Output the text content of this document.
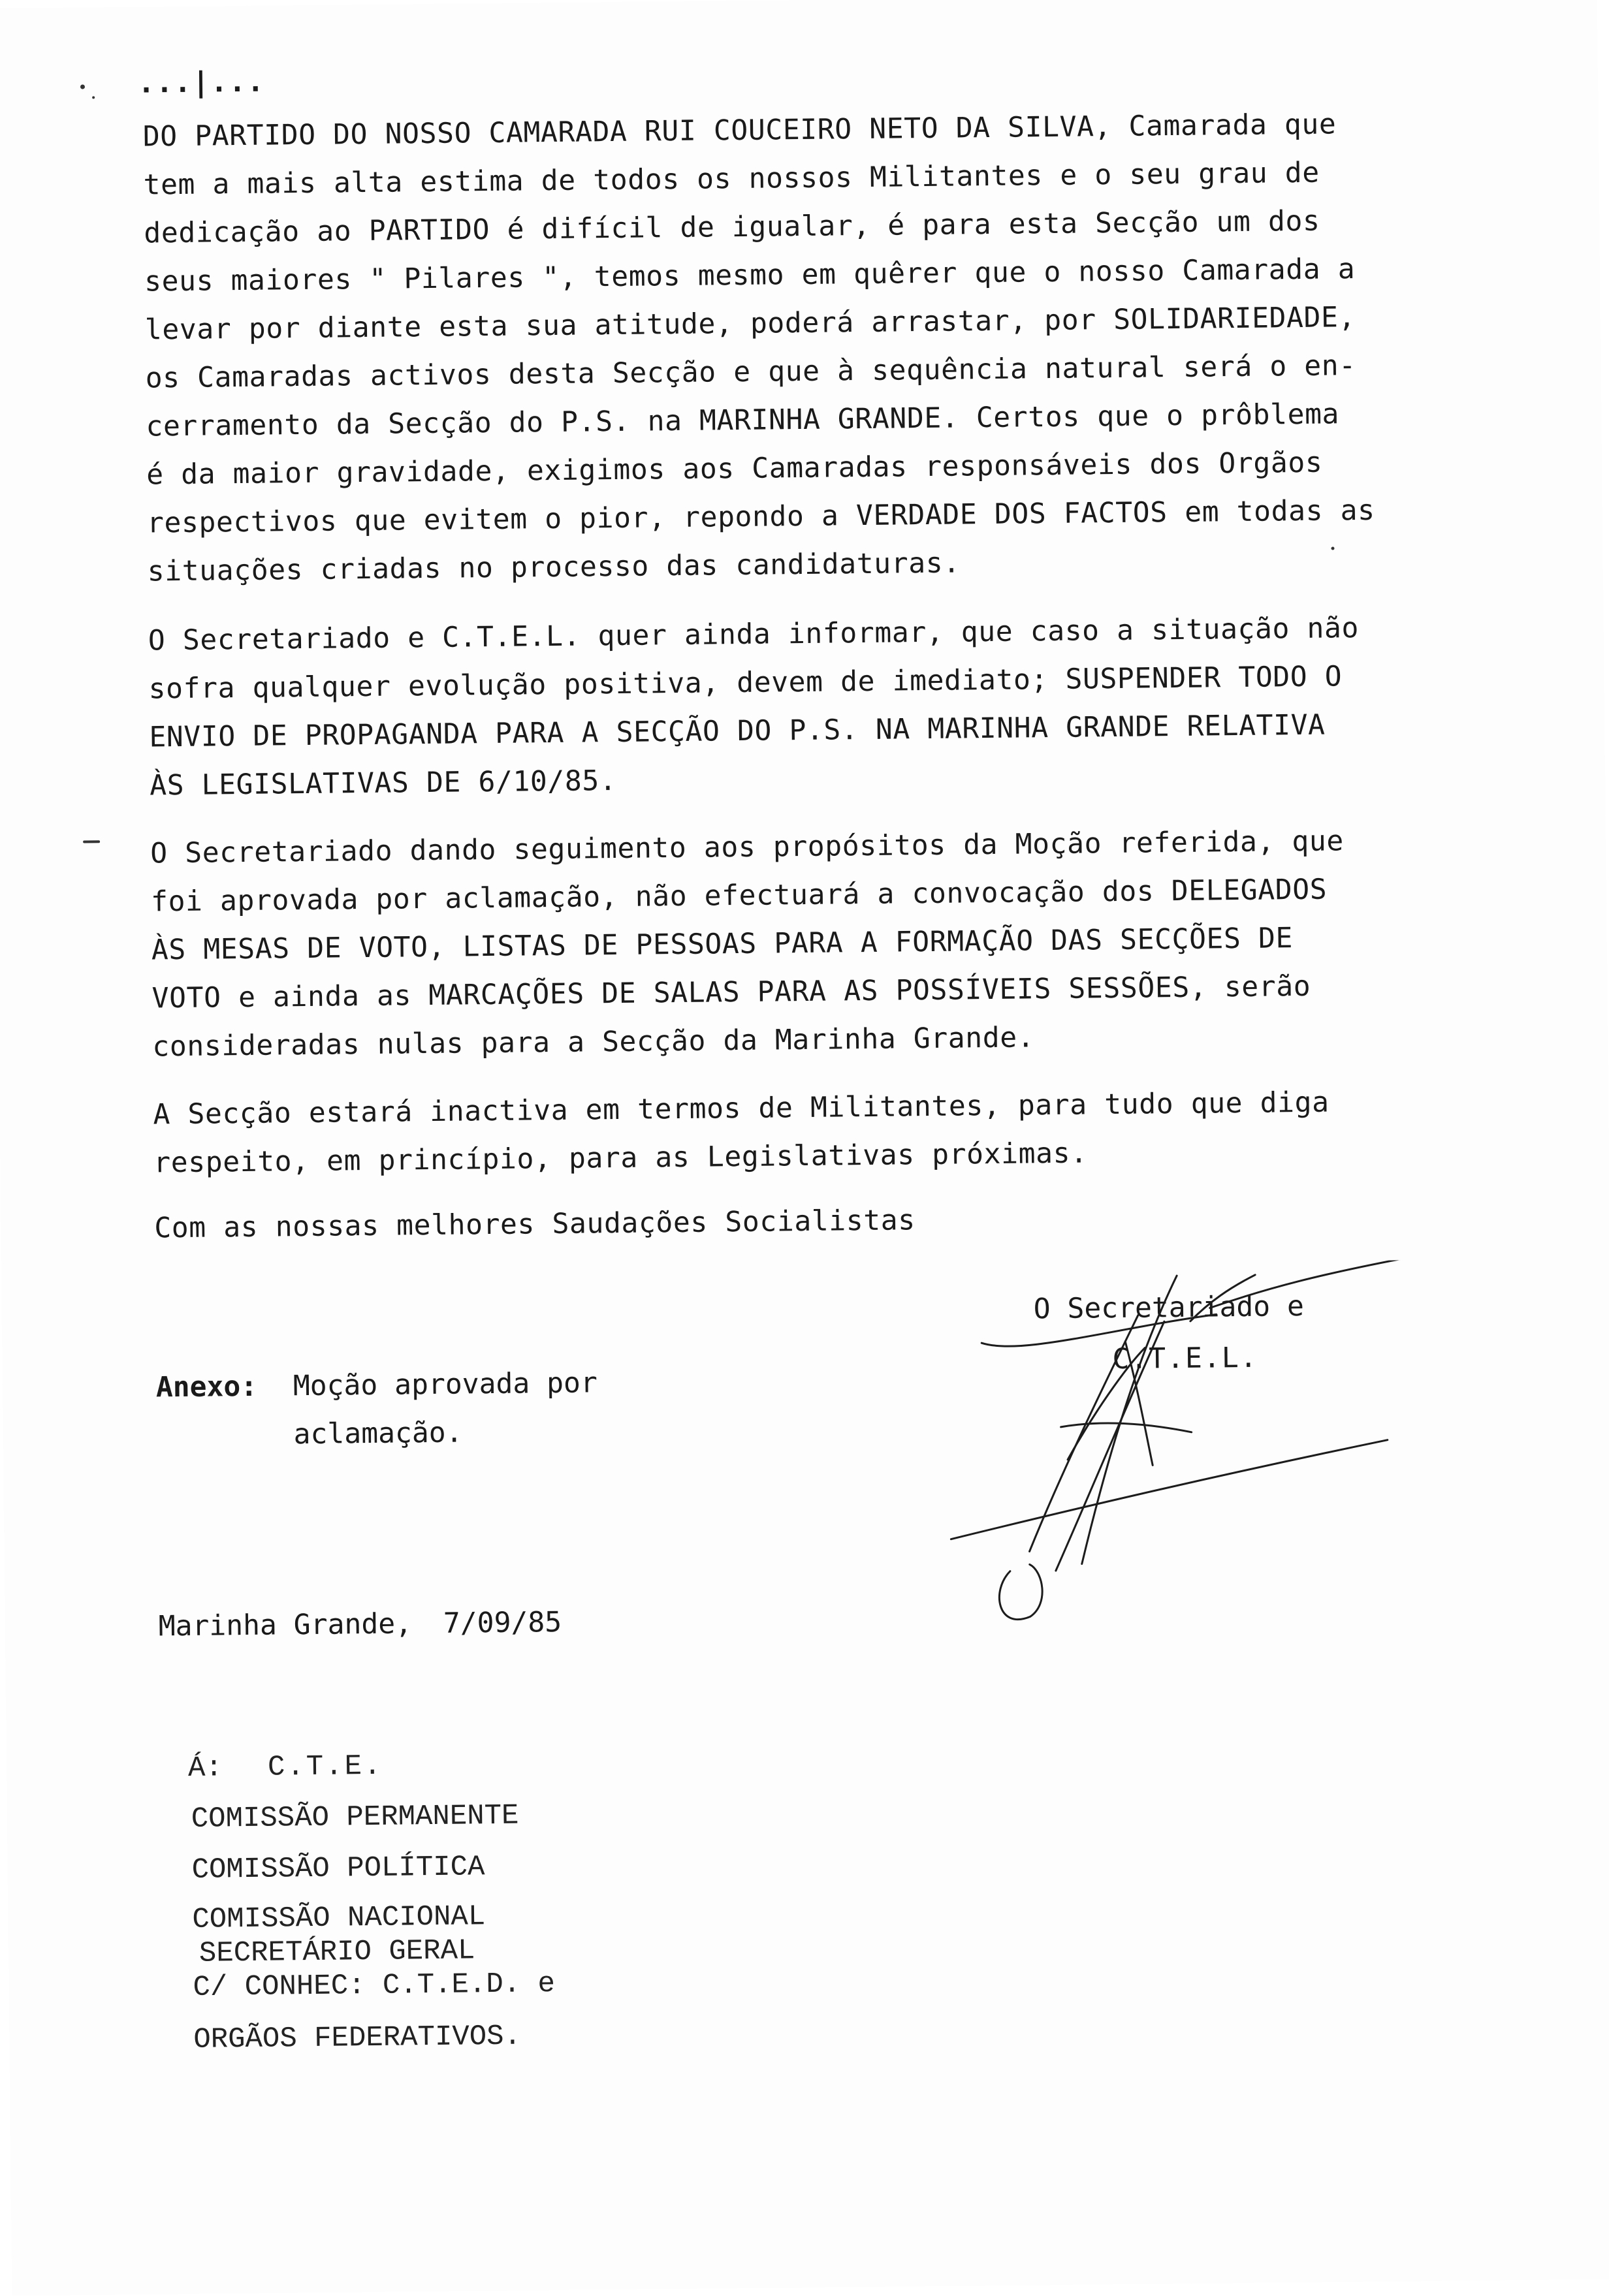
...|...
DO PARTIDO DO NOSSO CAMARADA RUI COUCEIRO NETO DA SILVA, Camarada que
tem a mais alta estima de todos os nossos Militantes e o seu grau de
dedicação ao PARTIDO é difícil de igualar, é para esta Secção um dos
seus maiores " Pilares ", temos mesmo em quêrer que o nosso Camarada a
levar por diante esta sua atitude, poderá arrastar, por SOLIDARIEDADE,
os Camaradas activos desta Secção e que à sequência natural será o en-
cerramento da Secção do P.S. na MARINHA GRANDE. Certos que o prôblema
é da maior gravidade, exigimos aos Camaradas responsáveis dos Orgãos
respectivos que evitem o pior, repondo a VERDADE DOS FACTOS em todas as
situações criadas no processo das candidaturas.
O Secretariado e C.T.E.L. quer ainda informar, que caso a situação não
sofra qualquer evolução positiva, devem de imediato; SUSPENDER TODO O
ENVIO DE PROPAGANDA PARA A SECÇÃO DO P.S. NA MARINHA GRANDE RELATIVA
ÀS LEGISLATIVAS DE 6/10/85.
O Secretariado dando seguimento aos propósitos da Moção referida, que
foi aprovada por aclamação, não efectuará a convocação dos DELEGADOS
ÀS MESAS DE VOTO, LISTAS DE PESSOAS PARA A FORMAÇÃO DAS SECÇÕES DE
VOTO e ainda as MARCAÇÕES DE SALAS PARA AS POSSÍVEIS SESSÕES, serão
consideradas nulas para a Secção da Marinha Grande.
A Secção estará inactiva em termos de Militantes, para tudo que diga
respeito, em princípio, para as Legislativas próximas.
Com as nossas melhores Saudações Socialistas
O Secretariado e
C.T.E.L.
Anexo: Moção aprovada por
aclamação.
Marinha Grande, 7/09/85
Á: C.T.E.
COMISSÃO PERMANENTE
COMISSÃO POLÍTICA
COMISSÃO NACIONAL
SECRETÁRIO GERAL
C/ CONHEC: C.T.E.D. e
ORGÃOS FEDERATIVOS.
